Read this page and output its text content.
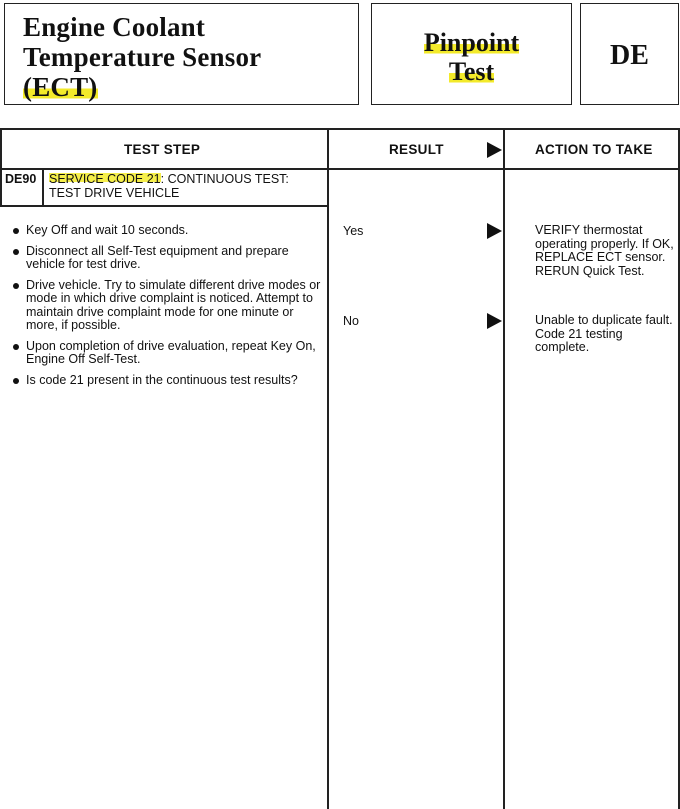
Engine Coolant
Temperature Sensor
(ECT)
Pinpoint
Test
DE
TEST STEP	RESULT	ACTION TO TAKE
DE90 SERVICE CODE 21: CONTINUOUS TEST:
TEST DRIVE VEHICLE
Key Off and wait 10 seconds.
Disconnect all Self-Test equipment and prepare vehicle for test drive.
Drive vehicle. Try to simulate different drive modes or mode in which drive complaint is noticed. Attempt to maintain drive complaint mode for one minute or more, if possible.
Upon completion of drive evaluation, repeat Key On, Engine Off Self-Test.
Is code 21 present in the continuous test results?
Yes	VERIFY thermostat operating properly. If OK, REPLACE ECT sensor. RERUN Quick Test.
No	Unable to duplicate fault. Code 21 testing complete.
